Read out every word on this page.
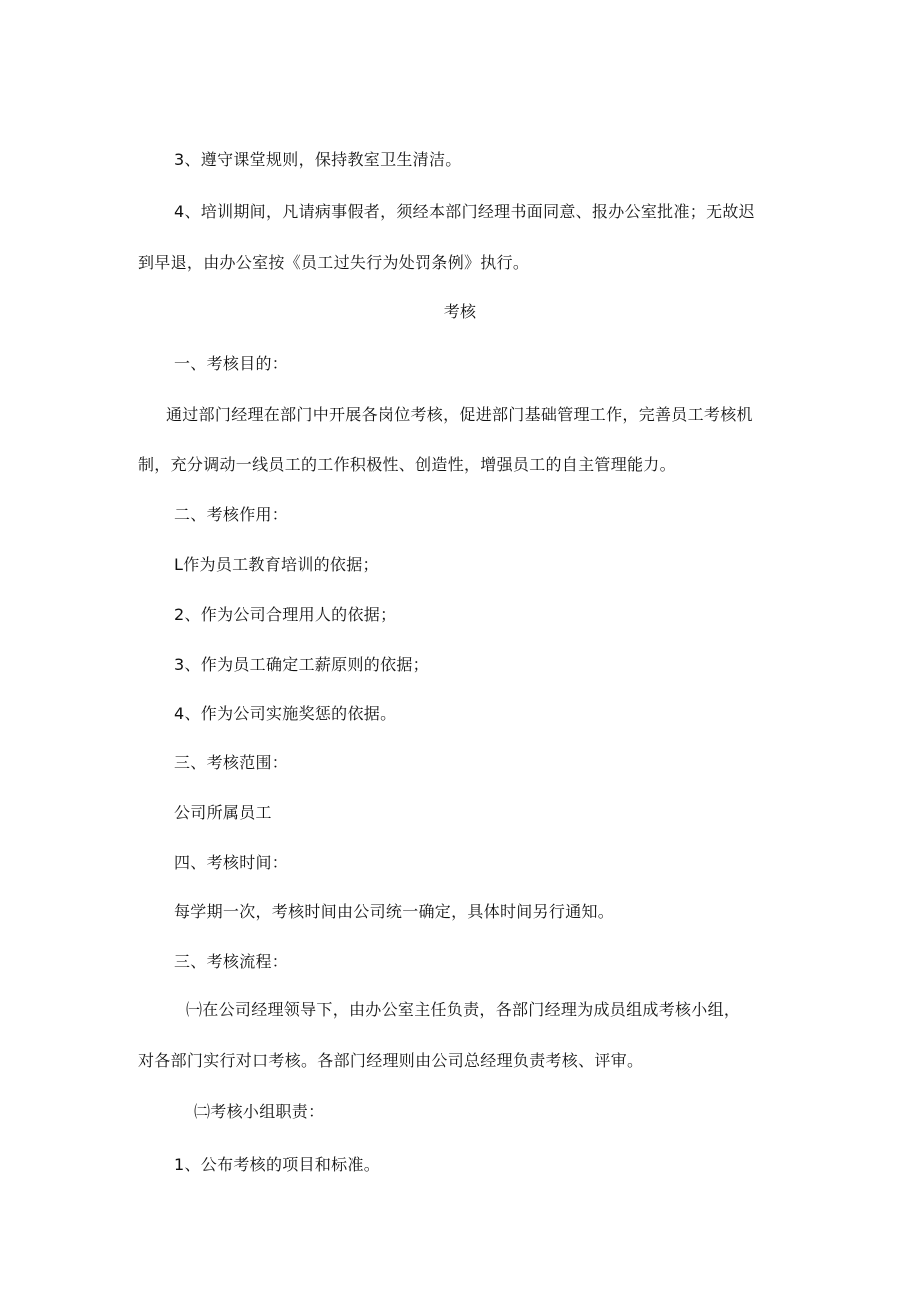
3、遵守课堂规则，保持教室卫生清洁。
4、培训期间，凡请病事假者，须经本部门经理书面同意、报办公室批准；无故迟
到早退，由办公室按《员工过失行为处罚条例》执行。
考核
一、考核目的：
通过部门经理在部门中开展各岗位考核，促进部门基础管理工作，完善员工考核机
制，充分调动一线员工的工作积极性、创造性，增强员工的自主管理能力。
二、考核作用：
L作为员工教育培训的依据；
2、作为公司合理用人的依据；
3、作为员工确定工薪原则的依据；
4、作为公司实施奖惩的依据。
三、考核范围：
公司所属员工
四、考核时间：
每学期一次，考核时间由公司统一确定，具体时间另行通知。
三、考核流程：
㈠在公司经理领导下，由办公室主任负责，各部门经理为成员组成考核小组，
对各部门实行对口考核。各部门经理则由公司总经理负责考核、评审。
㈡考核小组职责：
1、公布考核的项目和标准。
